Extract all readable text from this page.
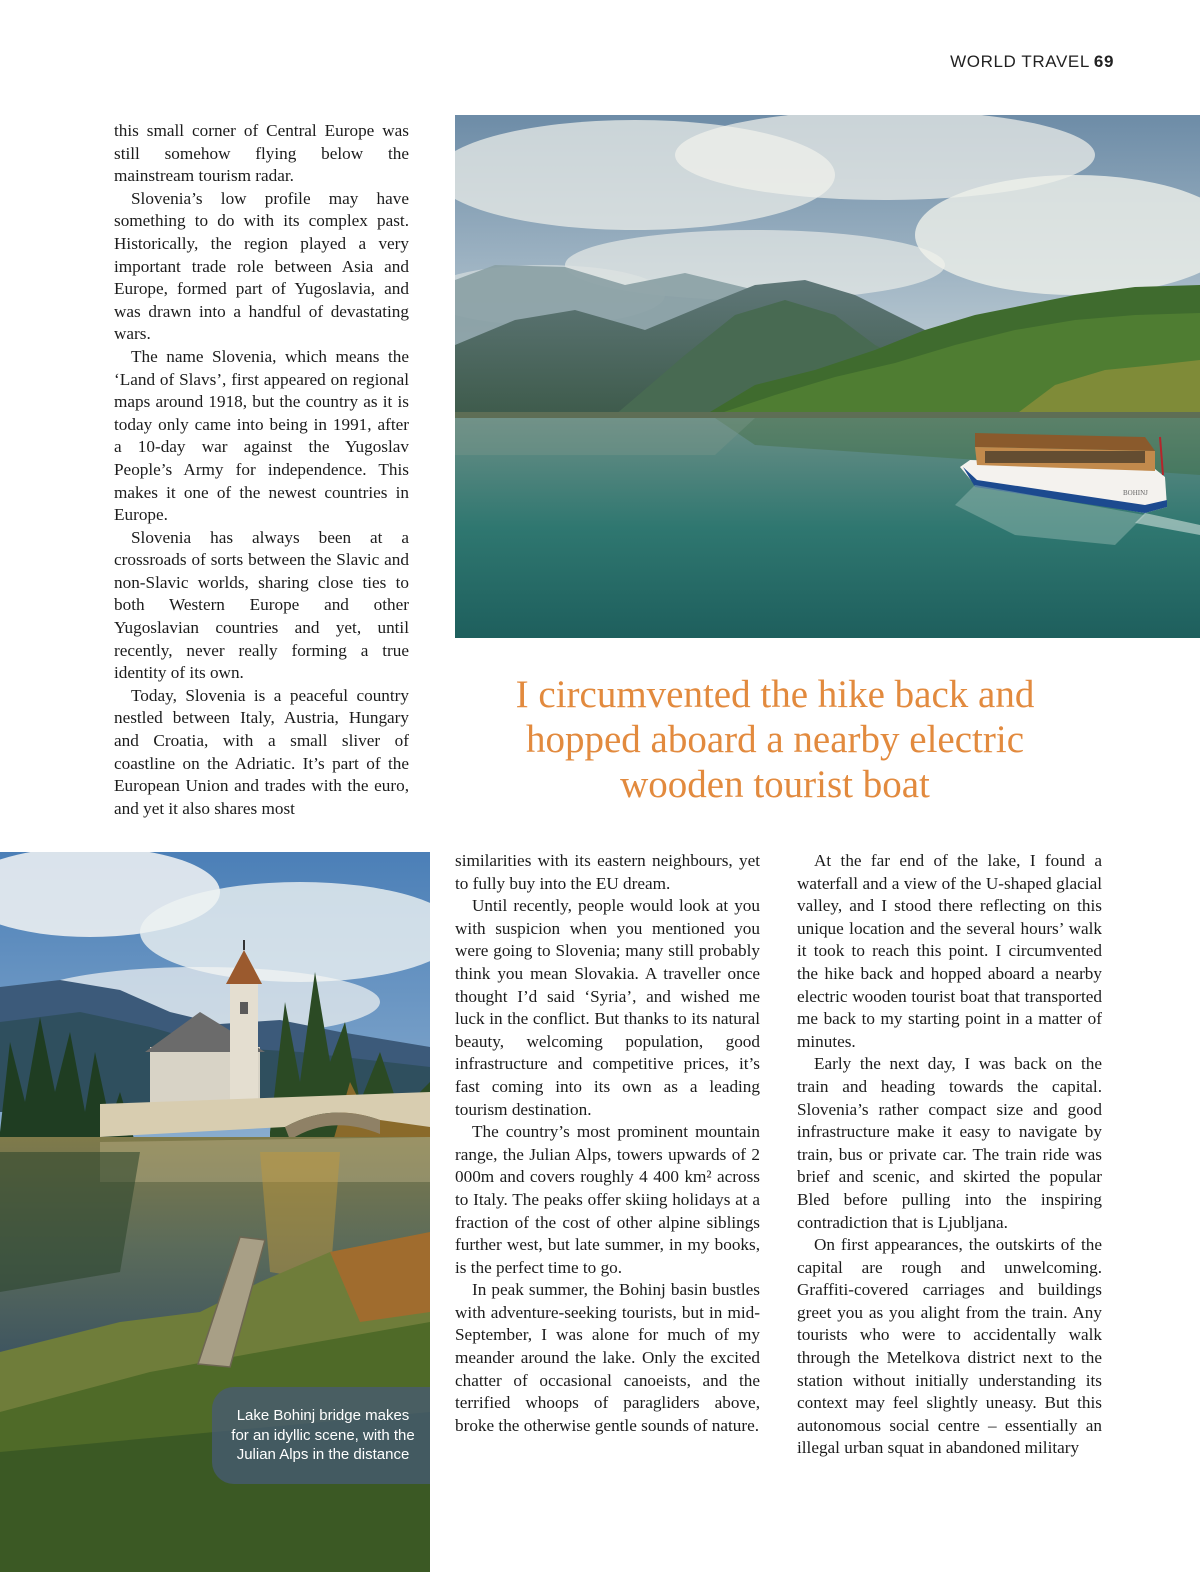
WORLD TRAVEL 69
BOHINJ

this small corner of Central Europe was still somehow flying below the mainstream tourism radar.

Slovenia’s low profile may have something to do with its complex past. Historically, the region played a very important trade role between Asia and Europe, formed part of Yugoslavia, and was drawn into a handful of devastating wars.

The name Slovenia, which means the ‘Land of Slavs’, first appeared on regional maps around 1918, but the country as it is today only came into being in 1991, after a 10-day war against the Yugoslav People’s Army for independence. This makes it one of the newest countries in Europe.

Slovenia has always been at a crossroads of sorts between the Slavic and non-Slavic worlds, sharing close ties to both Western Europe and other Yugoslavian countries and yet, until recently, never really forming a true identity of its own.

Today, Slovenia is a peaceful country nestled between Italy, Austria, Hungary and Croatia, with a small sliver of coastline on the Adriatic. It’s part of the European Union and trades with the euro, and yet it also shares most

I circumvented the hike back and hopped aboard a nearby electric wooden tourist boat
Lake Bohinj bridge makes for an idyllic scene, with the Julian Alps in the distance

similarities with its eastern neighbours, yet to fully buy into the EU dream.

Until recently, people would look at you with suspicion when you mentioned you were going to Slovenia; many still probably think you mean Slovakia. A traveller once thought I’d said ‘Syria’, and wished me luck in the conflict. But thanks to its natural beauty, welcoming population, good infrastructure and competitive prices, it’s fast coming into its own as a leading tourism destination.

The country’s most prominent mountain range, the Julian Alps, towers upwards of 2 000m and covers roughly 4 400 km² across to Italy. The peaks offer skiing holidays at a fraction of the cost of other alpine siblings further west, but late summer, in my books, is the perfect time to go.

In peak summer, the Bohinj basin bustles with adventure-seeking tourists, but in mid-September, I was alone for much of my meander around the lake. Only the excited chatter of occasional canoeists, and the terrified whoops of paragliders above, broke the otherwise gentle sounds of nature.

At the far end of the lake, I found a waterfall and a view of the U-shaped glacial valley, and I stood there reflecting on this unique location and the several hours’ walk it took to reach this point. I circumvented the hike back and hopped aboard a nearby electric wooden tourist boat that transported me back to my starting point in a matter of minutes.

Early the next day, I was back on the train and heading towards the capital. Slovenia’s rather compact size and good infrastructure make it easy to navigate by train, bus or private car. The train ride was brief and scenic, and skirted the popular Bled before pulling into the inspiring contradiction that is Ljubljana.

On first appearances, the outskirts of the capital are rough and unwelcoming. Graffiti-covered carriages and buildings greet you as you alight from the train. Any tourists who were to accidentally walk through the Metelkova district next to the station without initially understanding its context may feel slightly uneasy. But this autonomous social centre – essentially an illegal urban squat in abandoned military
